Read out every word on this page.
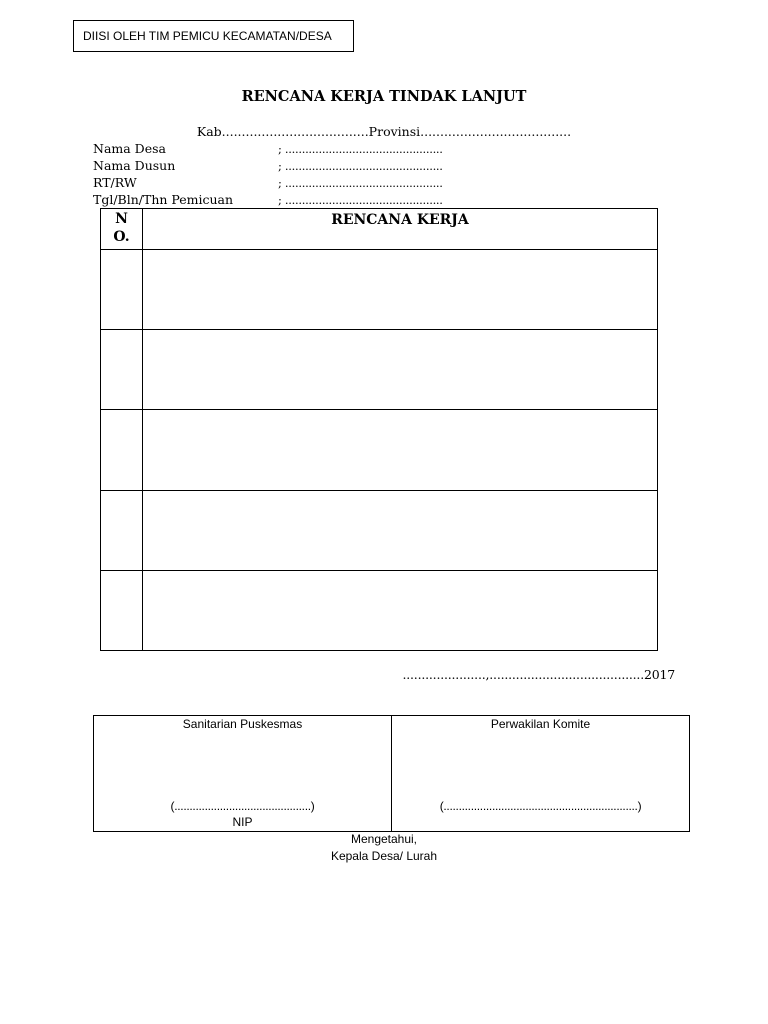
DIISI OLEH TIM PEMICU KECAMATAN/DESA
RENCANA KERJA TINDAK LANJUT
Kab.....................................Provinsi......................................
Nama Desa	; ...............................................
Nama Dusun	; ...............................................
RT/RW	; ...............................................
Tgl/Bln/Thn Pemicuan	; ...............................................
NO.	RENCANA KERJA

......................,.........................................2017
Sanitarian Puskesmas
(.............................................)
NIP

Perwakilan Komite
(................................................................)
Mengetahui,
Kepala Desa/ Lurah
